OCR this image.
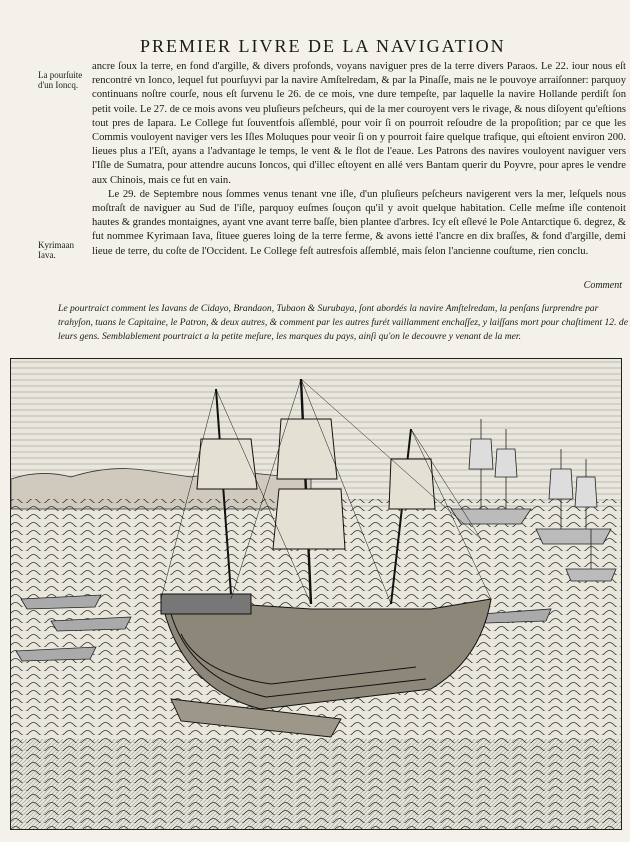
PREMIER LIVRE DE LA NAVIGATION
La pourſuite d'un Ioncq.
Kyrimaan Iava.

ancre ſoux la terre, en fond d'argille, & divers profonds, voyans naviguer pres de la terre divers Paraos. Le 22. iour nous eſt rencontré vn Ionco, lequel fut pourſuyvi par la navire Amſtelredam, & par la Pinaſſe, mais ne le pouvoye arraiſonner: parquoy continuans noſtre courſe, nous eſt ſurvenu le 26. de ce mois, vne dure tempeſte, par laquelle la navire Hollande perdiſt ſon petit voile. Le 27. de ce mois avons veu pluſieurs peſcheurs, qui de la mer couroyent vers le rivage, & nous diſoyent qu'eſtions tout pres de Iapara. Le College fut ſouventfois aſſemblé, pour voir ſi on pourroit reſoudre de la propoſition; par ce que les Commis vouloyent naviger vers les Iſles Moluques pour veoir ſi on y pourroit faire quelque trafique, qui eſtoient environ 200. lieues plus a l'Eſt, ayans a l'advantage le temps, le vent & le flot de l'eaue. Les Patrons des navires vouloyent naviguer vers l'Iſle de Sumatra, pour attendre aucuns Ioncos, qui d'illec eſtoyent en allé vers Bantam querir du Poyvre, pour apres le vendre aux Chinois, mais ce fut en vain.

Le 29. de Septembre nous ſommes venus tenant vne iſle, d'un pluſieurs peſcheurs navigerent vers la mer, leſquels nous moſtraſt de naviguer au Sud de l'iſle, parquoy euſmes ſouçon qu'il y avoit quelque habitation. Celle meſme iſle contenoit hautes & grandes montaignes, ayant vne avant terre baſſe, bien plantee d'arbres. Icy eſt eſlevé le Pole Antarctique 6. degrez, & fut nommee Kyrimaan Iava, ſituee gueres loing de la terre ferme, & avons ietté l'ancre en dix braſſes, & fond d'argille, demi lieue de terre, du coſte de l'Occident. Le College feſt autresfois aſſemblé, mais ſelon l'ancienne couſtume, rien conclu.

Comment
Le pourtraict comment les Iavans de Cidayo, Brandaon, Tubaon & Surubaya, ſont abordés la navire Amſtelredam, la penſans ſurprendre par trahyſon, tuans le Capitaine, le Patron, & deux autres, & comment par les autres furét vaillamment enchaſſez, y laiſſans mort pour chaſtiment 12. de leurs gens. Semblablement pourtraict a la petite meſure, les marques du pays, ainſi qu'on le decouvre y venant de la mer.
